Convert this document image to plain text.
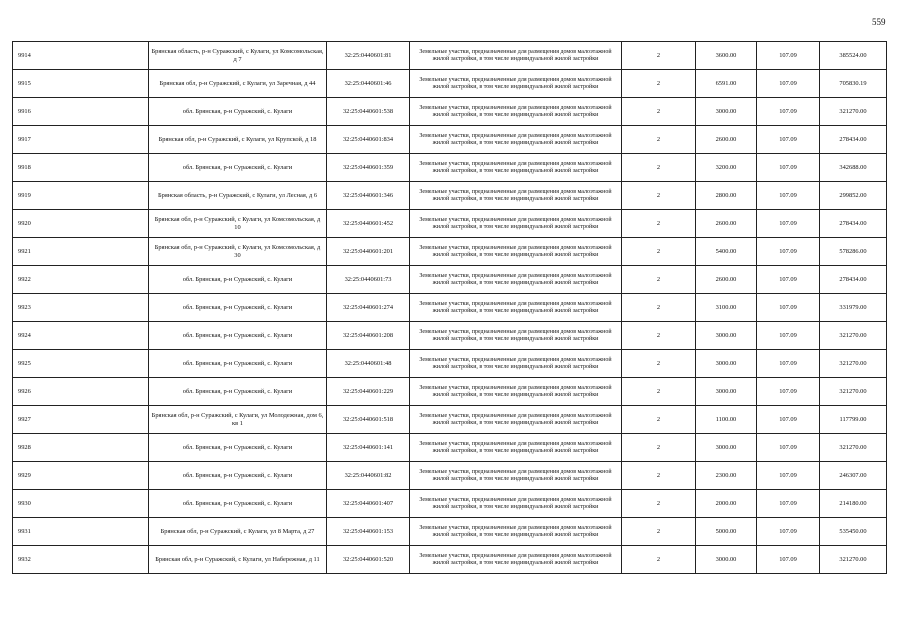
559
9914	Брянская область, р-н Суражский, с Кулаги, ул Комсомольская, д 7	32:25:0440601:81	Земельные участки, предназначенные для размещения домов малоэтажной жилой застройки, в том числе индивидуальной жилой застройки	2	3600.00	107.09	385524.00
9915	Брянская обл, р-н Суражский, с Кулаги, ул Заречная, д 44	32:25:0440601:46	Земельные участки, предназначенные для размещения домов малоэтажной жилой застройки, в том числе индивидуальной жилой застройки	2	6591.00	107.09	705830.19
9916	обл. Брянская, р-н Суражский, с. Кулаги	32:25:0440601:538	Земельные участки, предназначенные для размещения домов малоэтажной жилой застройки, в том числе индивидуальной жилой застройки	2	3000.00	107.09	321270.00
9917	Брянская обл, р-н Суражский, с Кулаги, ул Крупской, д 18	32:25:0440601:834	Земельные участки, предназначенные для размещения домов малоэтажной жилой застройки, в том числе индивидуальной жилой застройки	2	2600.00	107.09	278434.00
9918	обл. Брянская, р-н Суражский, с. Кулаги	32:25:0440601:359	Земельные участки, предназначенные для размещения домов малоэтажной жилой застройки, в том числе индивидуальной жилой застройки	2	3200.00	107.09	342688.00
9919	Брянская область, р-н Суражский, с Кулаги, ул Лесная, д 6	32:25:0440601:346	Земельные участки, предназначенные для размещения домов малоэтажной жилой застройки, в том числе индивидуальной жилой застройки	2	2800.00	107.09	299852.00
9920	Брянская обл, р-н Суражский, с Кулаги, ул Комсомольская, д 10	32:25:0440601:452	Земельные участки, предназначенные для размещения домов малоэтажной жилой застройки, в том числе индивидуальной жилой застройки	2	2600.00	107.09	278434.00
9921	Брянская обл, р-н Суражский, с Кулаги, ул Комсомольская, д 30	32:25:0440601:201	Земельные участки, предназначенные для размещения домов малоэтажной жилой застройки, в том числе индивидуальной жилой застройки	2	5400.00	107.09	578286.00
9922	обл. Брянская, р-н Суражский, с. Кулаги	32:25:0440601:73	Земельные участки, предназначенные для размещения домов малоэтажной жилой застройки, в том числе индивидуальной жилой застройки	2	2600.00	107.09	278434.00
9923	обл. Брянская, р-н Суражский, с. Кулаги	32:25:0440601:274	Земельные участки, предназначенные для размещения домов малоэтажной жилой застройки, в том числе индивидуальной жилой застройки	2	3100.00	107.09	331979.00
9924	обл. Брянская, р-н Суражский, с. Кулаги	32:25:0440601:208	Земельные участки, предназначенные для размещения домов малоэтажной жилой застройки, в том числе индивидуальной жилой застройки	2	3000.00	107.09	321270.00
9925	обл. Брянская, р-н Суражский, с. Кулаги	32:25:0440601:48	Земельные участки, предназначенные для размещения домов малоэтажной жилой застройки, в том числе индивидуальной жилой застройки	2	3000.00	107.09	321270.00
9926	обл. Брянская, р-н Суражский, с. Кулаги	32:25:0440601:229	Земельные участки, предназначенные для размещения домов малоэтажной жилой застройки, в том числе индивидуальной жилой застройки	2	3000.00	107.09	321270.00
9927	Брянская обл, р-н Суражский, с Кулаги, ул Молодежная, дом 6, кв 1	32:25:0440601:518	Земельные участки, предназначенные для размещения домов малоэтажной жилой застройки, в том числе индивидуальной жилой застройки	2	1100.00	107.09	117799.00
9928	обл. Брянская, р-н Суражский, с. Кулаги	32:25:0440601:141	Земельные участки, предназначенные для размещения домов малоэтажной жилой застройки, в том числе индивидуальной жилой застройки	2	3000.00	107.09	321270.00
9929	обл. Брянская, р-н Суражский, с. Кулаги	32:25:0440601:82	Земельные участки, предназначенные для размещения домов малоэтажной жилой застройки, в том числе индивидуальной жилой застройки	2	2300.00	107.09	246307.00
9930	обл. Брянская, р-н Суражский, с. Кулаги	32:25:0440601:407	Земельные участки, предназначенные для размещения домов малоэтажной жилой застройки, в том числе индивидуальной жилой застройки	2	2000.00	107.09	214180.00
9931	Брянская обл, р-н Суражский, с Кулаги, ул 8 Марта, д 27	32:25:0440601:153	Земельные участки, предназначенные для размещения домов малоэтажной жилой застройки, в том числе индивидуальной жилой застройки	2	5000.00	107.09	535450.00
9932	Брянская обл, р-н Суражский, с Кулаги, ул Набережная, д 11	32:25:0440601:520	Земельные участки, предназначенные для размещения домов малоэтажной жилой застройки, в том числе индивидуальной жилой застройки	2	3000.00	107.09	321270.00
